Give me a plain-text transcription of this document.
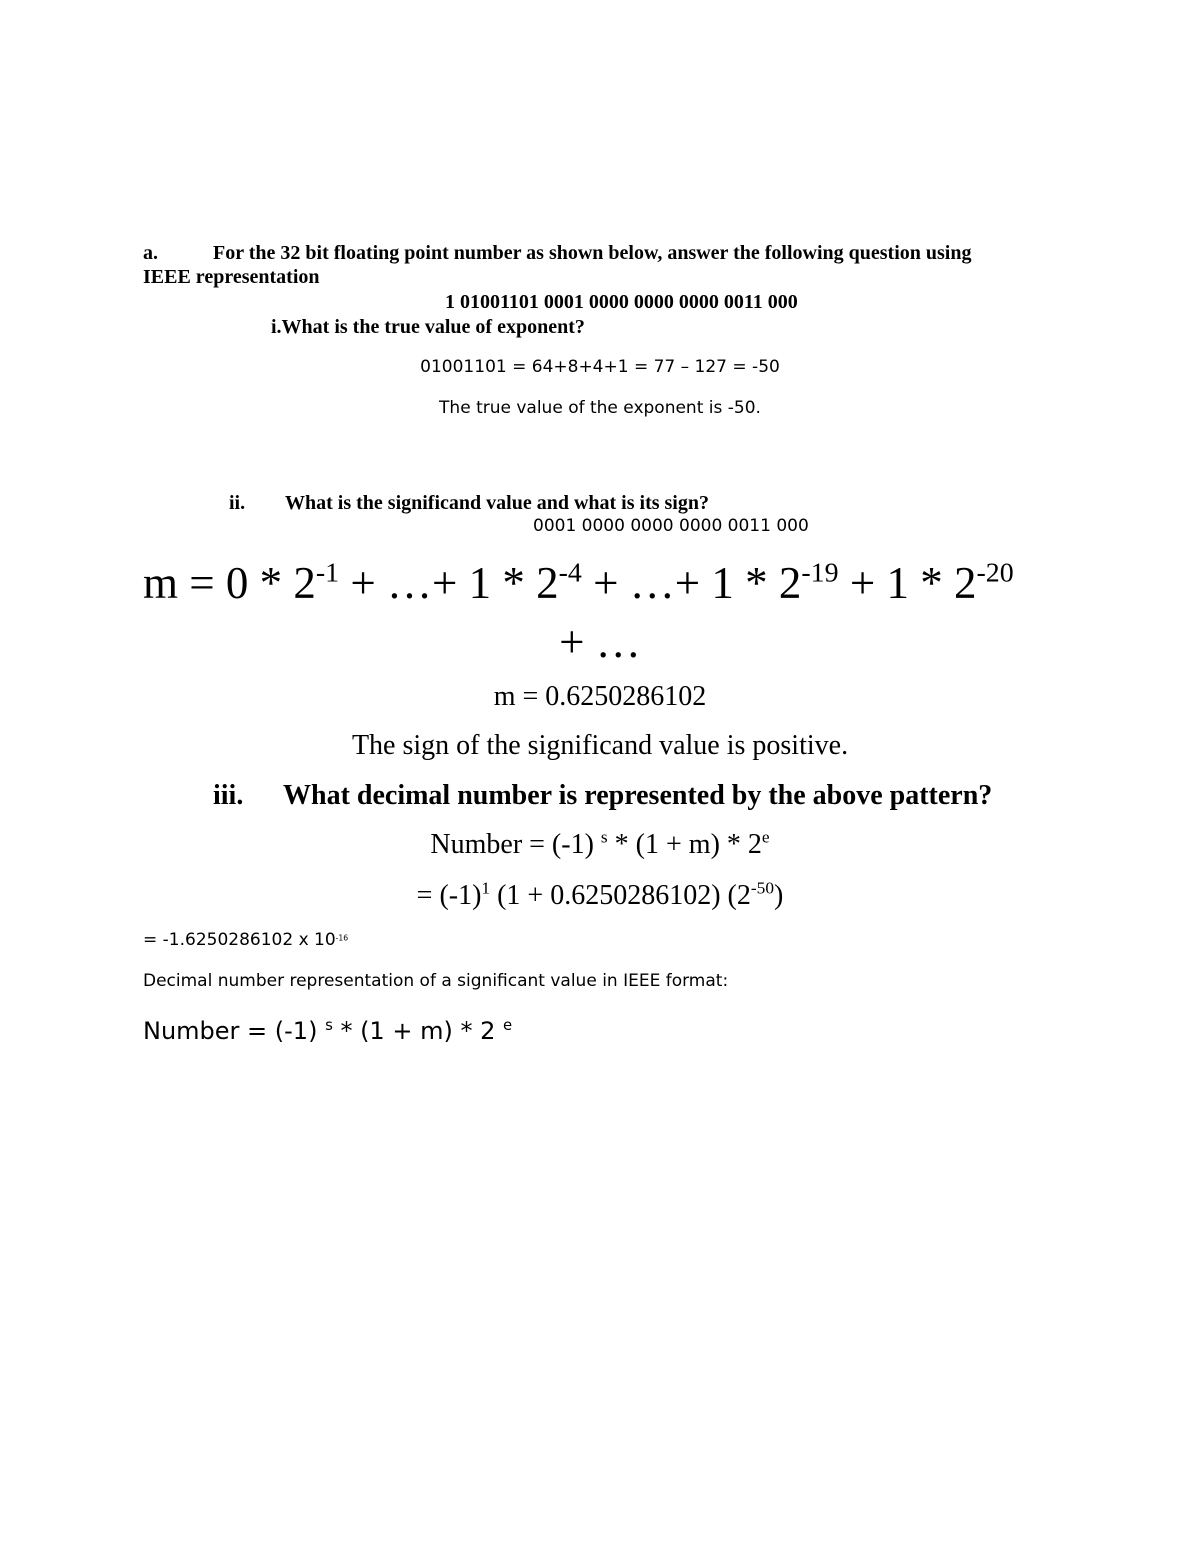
a.	For the 32 bit floating point number as shown below, answer the following question using
IEEE representation
1 01001101 0001 0000 0000 0000 0011 000
i.What is the true value of exponent?
01001101 = 64+8+4+1 = 77 – 127 = -50
The true value of the exponent is -50.
ii. What is the significand value and what is its sign?
0001 0000 0000 0000 0011 000
$m = 0 * 2^{-1}$ + …+ $1 * 2^{-4}$ + …+ $1 * 2^{-19} + 1 * 2^{-20}$
+ …
m = 0.6250286102
The sign of the significand value is positive.
iii. What decimal number is represented by the above pattern?
Number = (-1) $^s * (1 + m) * 2^e$
= $(-1)^1$ (1 + 0.6250286102) $(2^{-50})$
= -1.6250286102 x $10^{-16}$
Decimal number representation of a significant value in IEEE format:
Number = (-1) $^s$ * (1 + m) * 2 $^e$
